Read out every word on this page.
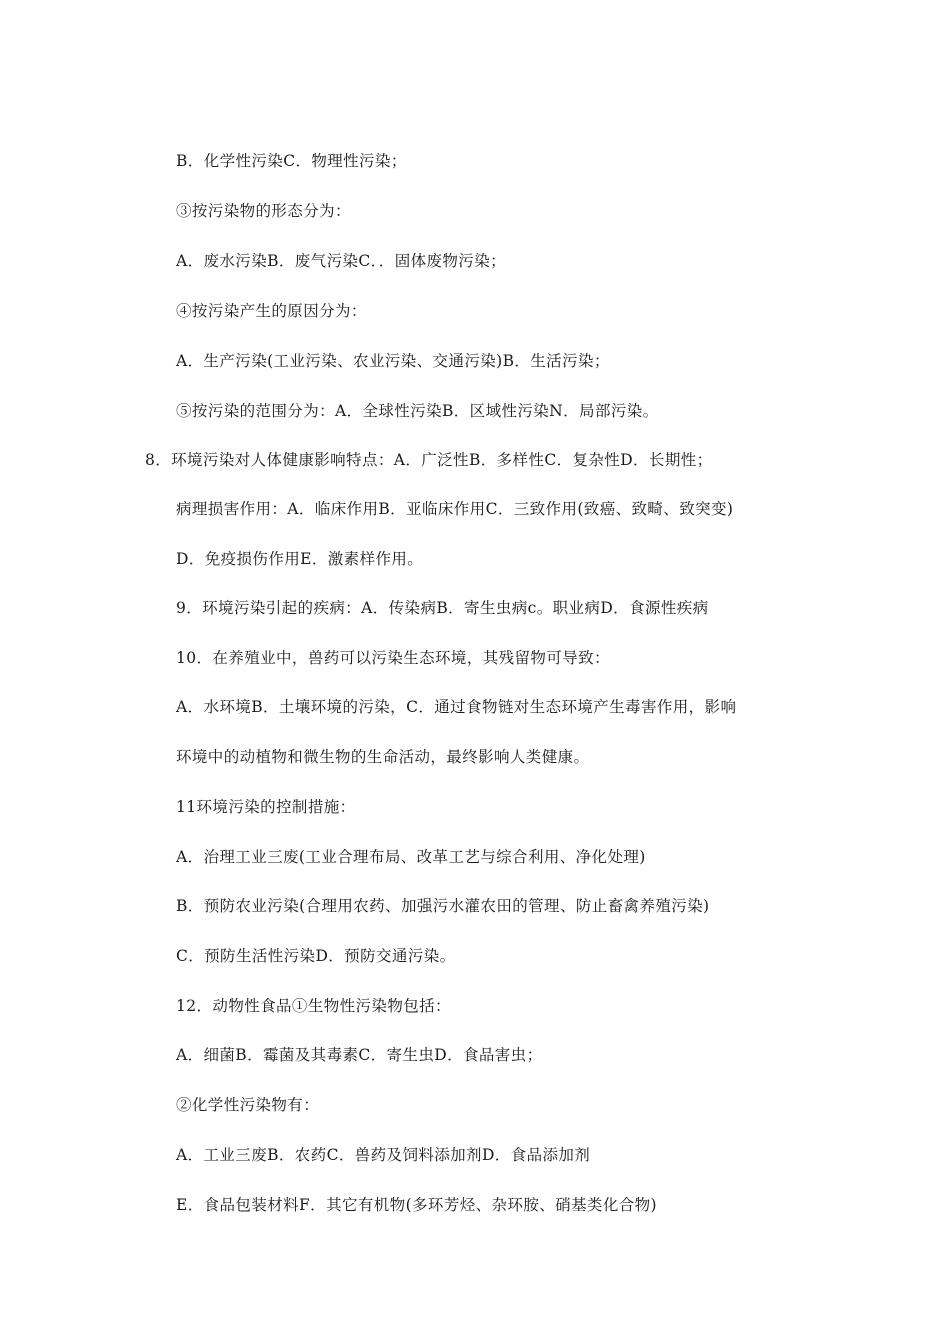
B．化学性污染C．物理性污染；
③按污染物的形态分为：
A．废水污染B．废气污染C．．固体废物污染；
④按污染产生的原因分为：
A．生产污染(工业污染、农业污染、交通污染)B．生活污染；
⑤按污染的范围分为：A．全球性污染B．区域性污染N．局部污染。
8．环境污染对人体健康影响特点：A．广泛性B．多样性C．复杂性D．长期性；
病理损害作用：A．临床作用B．亚临床作用C．三致作用(致癌、致畸、致突变)
D．免疫损伤作用E．激素样作用。
9．环境污染引起的疾病：A．传染病B．寄生虫病c。职业病D．食源性疾病
10．在养殖业中，兽药可以污染生态环境，其残留物可导致：
A．水环境B．土壤环境的污染，C．通过食物链对生态环境产生毒害作用，影响
环境中的动植物和微生物的生命活动，最终影响人类健康。
11环境污染的控制措施：
A．治理工业三废(工业合理布局、改革工艺与综合利用、净化处理)
B．预防农业污染(合理用农药、加强污水灌农田的管理、防止畜禽养殖污染)
C．预防生活性污染D．预防交通污染。
12．动物性食品①生物性污染物包括：
A．细菌B．霉菌及其毒素C．寄生虫D．食品害虫；
②化学性污染物有：
A．工业三废B．农药C．兽药及饲料添加剂D．食品添加剂
E．食品包装材料F．其它有机物(多环芳烃、杂环胺、硝基类化合物)
